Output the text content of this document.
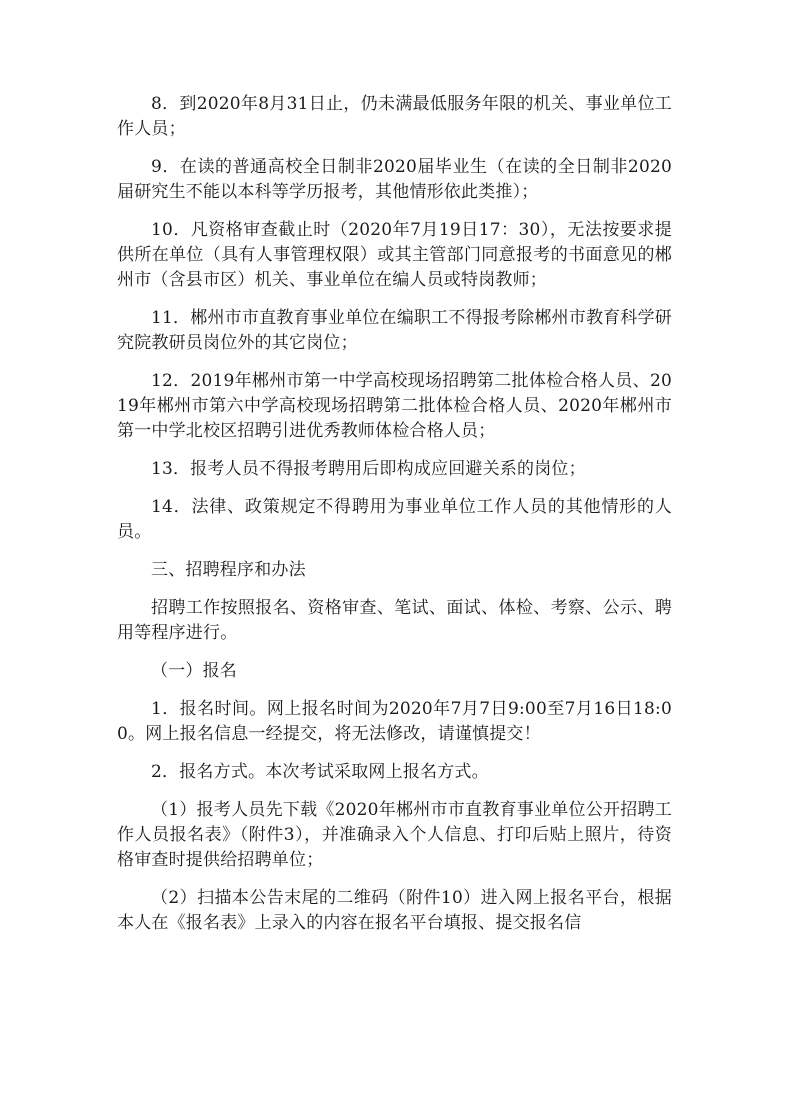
8．到2020年8月31日止，仍未满最低服务年限的机关、事业单位工作人员；

9．在读的普通高校全日制非2020届毕业生（在读的全日制非2020届研究生不能以本科等学历报考，其他情形依此类推）；

10．凡资格审查截止时（2020年7月19日17：30），无法按要求提供所在单位（具有人事管理权限）或其主管部门同意报考的书面意见的郴州市（含县市区）机关、事业单位在编人员或特岗教师；

11．郴州市市直教育事业单位在编职工不得报考除郴州市教育科学研究院教研员岗位外的其它岗位；

12．2019年郴州市第一中学高校现场招聘第二批体检合格人员、2019年郴州市第六中学高校现场招聘第二批体检合格人员、2020年郴州市第一中学北校区招聘引进优秀教师体检合格人员；

13．报考人员不得报考聘用后即构成应回避关系的岗位；

14．法律、政策规定不得聘用为事业单位工作人员的其他情形的人员。

三、招聘程序和办法

招聘工作按照报名、资格审查、笔试、面试、体检、考察、公示、聘用等程序进行。

（一）报名

1．报名时间。网上报名时间为2020年7月7日9:00至7月16日18:00。网上报名信息一经提交，将无法修改，请谨慎提交！

2．报名方式。本次考试采取网上报名方式。

（1）报考人员先下载《2020年郴州市市直教育事业单位公开招聘工作人员报名表》（附件3），并准确录入个人信息、打印后贴上照片，待资格审查时提供给招聘单位；

（2）扫描本公告末尾的二维码（附件10）进入网上报名平台，根据本人在《报名表》上录入的内容在报名平台填报、提交报名信
